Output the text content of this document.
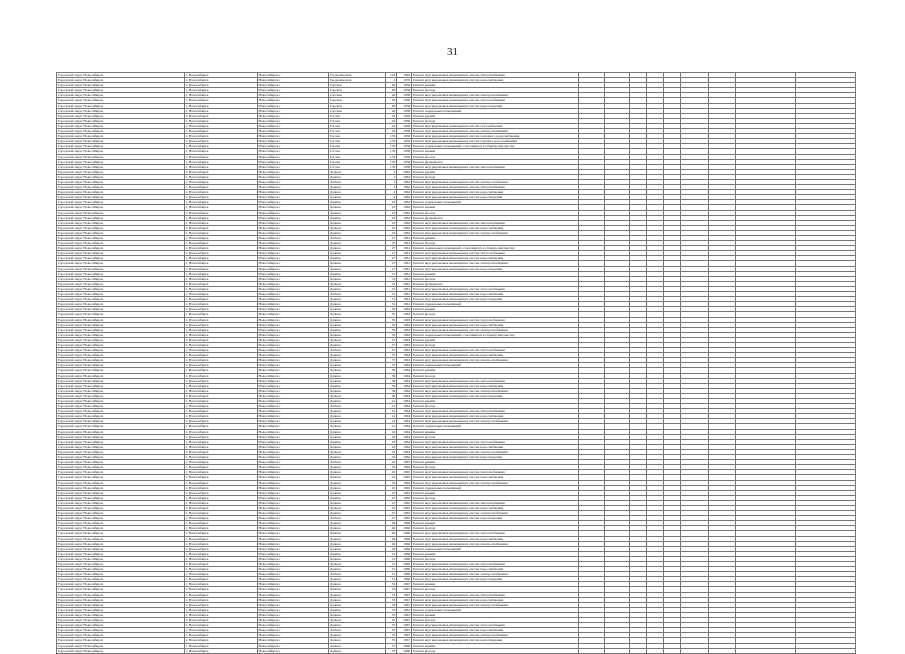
31
Городской округ Новосибирск	г. Новосибирск	Новосибирск г	Геодезическая	122	1994	Ремонт внутридомовых инженерных систем теплоснабжения									
Городской округ Новосибирск	г. Новосибирск	Новосибирск г	Геодезическая	4	1970	Ремонт внутридомовых инженерных систем водоснабжения									
Городской округ Новосибирск	г. Новосибирск	Новосибирск г	Горская	40	1958	Ремонт крыши									
Городской округ Новосибирск	г. Новосибирск	Новосибирск г	Горская	40	1958	Ремонт фасада									
Городской округ Новосибирск	г. Новосибирск	Новосибирск г	Горская	40	1958	Ремонт внутридомовых инженерных систем электроснабжения									
Городской округ Новосибирск	г. Новосибирск	Новосибирск г	Горская	40	1958	Ремонт внутридомовых инженерных систем теплоснабжения									
Городской округ Новосибирск	г. Новосибирск	Новосибирск г	Горская	40	1958	Ремонт внутридомовых инженерных систем водоотведения									
Городской округ Новосибирск	г. Новосибирск	Новосибирск г	Горская	40	1958	Ремонт подвальных помещений									
Городской округ Новосибирск	г. Новосибирск	Новосибирск г	Гоголя	42	1958	Ремонт крыши									
Городской округ Новосибирск	г. Новосибирск	Новосибирск г	Гоголя	42	1958	Ремонт фасада									
Городской округ Новосибирск	г. Новосибирск	Новосибирск г	Гоголя	42	1958	Ремонт внутридомовых инженерных систем газоснабжения									
Городской округ Новосибирск	г. Новосибирск	Новосибирск г	Гоголя	42	1958	Ремонт внутридомовых инженерных систем электроснабжения									
Городской округ Новосибирск	г. Новосибирск	Новосибирск г	Гоголя	176	1958	Ремонт внутридомовых инженерных систем холодного водоснабжения									
Городской округ Новосибирск	г. Новосибирск	Новосибирск г	Гоголя	176	1958	Ремонт внутридомовых инженерных систем горячего водоснабжения									
Городской округ Новосибирск	г. Новосибирск	Новосибирск г	Гоголя	176	1958	Ремонт подвальных помещений, относящихся к общему имуществу									
Городской округ Новосибирск	г. Новосибирск	Новосибирск г	Гоголя	176	1958	Ремонт крыши									
Городской округ Новосибирск	г. Новосибирск	Новосибирск г	Гоголя	176	1958	Ремонт фасада									
Городской округ Новосибирск	г. Новосибирск	Новосибирск г	Гоголя	176	1958	Ремонт фундамента									
Городской округ Новосибирск	г. Новосибирск	Новосибирск г	Гоголя	176	1958	Ремонт внутридомовых инженерных систем теплоснабжения									
Городской округ Новосибирск	г. Новосибирск	Новосибирск г	Дачная	2	1962	Ремонт крыши									
Городской округ Новосибирск	г. Новосибирск	Новосибирск г	Дачная	2	1962	Ремонт фасада									
Городской округ Новосибирск	г. Новосибирск	Новосибирск г	Дачная	2	1962	Ремонт внутридомовых инженерных систем электроснабжения									
Городской округ Новосибирск	г. Новосибирск	Новосибирск г	Дачная	2	1962	Ремонт внутридомовых инженерных систем теплоснабжения									
Городской округ Новосибирск	г. Новосибирск	Новосибирск г	Дачная	2	1962	Ремонт внутридомовых инженерных систем водоснабжения									
Городской округ Новосибирск	г. Новосибирск	Новосибирск г	Дачная	2	1962	Ремонт внутридомовых инженерных систем водоотведения									
Городской округ Новосибирск	г. Новосибирск	Новосибирск г	Дачная	23	1962	Ремонт подвальных помещений									
Городской округ Новосибирск	г. Новосибирск	Новосибирск г	Дачная	23	1962	Ремонт крыши									
Городской округ Новосибирск	г. Новосибирск	Новосибирск г	Дачная	23	1962	Ремонт фасада									
Городской округ Новосибирск	г. Новосибирск	Новосибирск г	Дачная	23	1962	Ремонт фундамента									
Городской округ Новосибирск	г. Новосибирск	Новосибирск г	Дачная	23	1962	Ремонт внутридомовых инженерных систем теплоснабжения									
Городской округ Новосибирск	г. Новосибирск	Новосибирск г	Дачная	23	1962	Ремонт внутридомовых инженерных систем водоснабжения									
Городской округ Новосибирск	г. Новосибирск	Новосибирск г	Дачная	23	1962	Ремонт внутридомовых инженерных систем электроснабжения									
Городской округ Новосибирск	г. Новосибирск	Новосибирск г	Дачная	27	1961	Ремонт крыши									
Городской округ Новосибирск	г. Новосибирск	Новосибирск г	Дачная	27	1961	Ремонт фасада									
Городской округ Новосибирск	г. Новосибирск	Новосибирск г	Дачная	27	1961	Ремонт подвальных помещений, относящихся к общему имуществу									
Городской округ Новосибирск	г. Новосибирск	Новосибирск г	Дачная	27	1961	Ремонт внутридомовых инженерных систем теплоснабжения									
Городской округ Новосибирск	г. Новосибирск	Новосибирск г	Дачная	27	1961	Ремонт внутридомовых инженерных систем водоснабжения									
Городской округ Новосибирск	г. Новосибирск	Новосибирск г	Дачная	27	1961	Ремонт внутридомовых инженерных систем электроснабжения									
Городской округ Новосибирск	г. Новосибирск	Новосибирск г	Дачная	27	1961	Ремонт внутридомовых инженерных систем водоотведения									
Городской округ Новосибирск	г. Новосибирск	Новосибирск г	Дачная	31	1961	Ремонт крыши									
Городской округ Новосибирск	г. Новосибирск	Новосибирск г	Дачная	31	1961	Ремонт фасада									
Городской округ Новосибирск	г. Новосибирск	Новосибирск г	Дачная	31	1961	Ремонт фундамента									
Городской округ Новосибирск	г. Новосибирск	Новосибирск г	Дачная	31	1961	Ремонт внутридомовых инженерных систем теплоснабжения									
Городской округ Новосибирск	г. Новосибирск	Новосибирск г	Дачная	31	1961	Ремонт внутридомовых инженерных систем водоснабжения									
Городской округ Новосибирск	г. Новосибирск	Новосибирск г	Дачная	31	1961	Ремонт внутридомовых инженерных систем водоотведения									
Городской округ Новосибирск	г. Новосибирск	Новосибирск г	Дачная	31	1961	Ремонт подвальных помещений									
Городской округ Новосибирск	г. Новосибирск	Новосибирск г	Дачная	35	1963	Ремонт крыши									
Городской округ Новосибирск	г. Новосибирск	Новосибирск г	Дачная	35	1963	Ремонт фасада									
Городской округ Новосибирск	г. Новосибирск	Новосибирск г	Дачная	35	1963	Ремонт внутридомовых инженерных систем теплоснабжения									
Городской округ Новосибирск	г. Новосибирск	Новосибирск г	Дачная	35	1963	Ремонт внутридомовых инженерных систем водоснабжения									
Городской округ Новосибирск	г. Новосибирск	Новосибирск г	Дачная	35	1963	Ремонт внутридомовых инженерных систем электроснабжения									
Городской округ Новосибирск	г. Новосибирск	Новосибирск г	Дачная	35	1963	Ремонт подвальных помещений, относящихся к общему имуществу									
Городской округ Новосибирск	г. Новосибирск	Новосибирск г	Дачная	37	1963	Ремонт крыши									
Городской округ Новосибирск	г. Новосибирск	Новосибирск г	Дачная	37	1963	Ремонт фасада									
Городской округ Новосибирск	г. Новосибирск	Новосибирск г	Дачная	37	1963	Ремонт внутридомовых инженерных систем теплоснабжения									
Городской округ Новосибирск	г. Новосибирск	Новосибирск г	Дачная	37	1963	Ремонт внутридомовых инженерных систем водоснабжения									
Городской округ Новосибирск	г. Новосибирск	Новосибирск г	Дачная	37	1963	Ремонт внутридомовых инженерных систем электроснабжения									
Городской округ Новосибирск	г. Новосибирск	Новосибирск г	Дачная	37	1963	Ремонт подвальных помещений									
Городской округ Новосибирск	г. Новосибирск	Новосибирск г	Дачная	39	1964	Ремонт крыши									
Городской округ Новосибирск	г. Новосибирск	Новосибирск г	Дачная	39	1964	Ремонт фасада									
Городской округ Новосибирск	г. Новосибирск	Новосибирск г	Дачная	39	1964	Ремонт внутридомовых инженерных систем теплоснабжения									
Городской округ Новосибирск	г. Новосибирск	Новосибирск г	Дачная	39	1964	Ремонт внутридомовых инженерных систем водоснабжения									
Городской округ Новосибирск	г. Новосибирск	Новосибирск г	Дачная	39	1964	Ремонт внутридомовых инженерных систем электроснабжения									
Городской округ Новосибирск	г. Новосибирск	Новосибирск г	Дачная	39	1964	Ремонт внутридомовых инженерных систем водоотведения									
Городской округ Новосибирск	г. Новосибирск	Новосибирск г	Дачная	41	1964	Ремонт крыши									
Городской округ Новосибирск	г. Новосибирск	Новосибирск г	Дачная	41	1964	Ремонт фасада									
Городской округ Новосибирск	г. Новосибирск	Новосибирск г	Дачная	41	1964	Ремонт внутридомовых инженерных систем теплоснабжения									
Городской округ Новосибирск	г. Новосибирск	Новосибирск г	Дачная	41	1964	Ремонт внутридомовых инженерных систем водоснабжения									
Городской округ Новосибирск	г. Новосибирск	Новосибирск г	Дачная	41	1964	Ремонт внутридомовых инженерных систем электроснабжения									
Городской округ Новосибирск	г. Новосибирск	Новосибирск г	Дачная	41	1964	Ремонт подвальных помещений									
Городской округ Новосибирск	г. Новосибирск	Новосибирск г	Дачная	43	1964	Ремонт крыши									
Городской округ Новосибирск	г. Новосибирск	Новосибирск г	Дачная	43	1964	Ремонт фасада									
Городской округ Новосибирск	г. Новосибирск	Новосибирск г	Дачная	43	1964	Ремонт внутридомовых инженерных систем теплоснабжения									
Городской округ Новосибирск	г. Новосибирск	Новосибирск г	Дачная	43	1964	Ремонт внутридомовых инженерных систем водоснабжения									
Городской округ Новосибирск	г. Новосибирск	Новосибирск г	Дачная	43	1964	Ремонт внутридомовых инженерных систем электроснабжения									
Городской округ Новосибирск	г. Новосибирск	Новосибирск г	Дачная	43	1964	Ремонт внутридомовых инженерных систем водоотведения									
Городской округ Новосибирск	г. Новосибирск	Новосибирск г	Дачная	45	1965	Ремонт крыши									
Городской округ Новосибирск	г. Новосибирск	Новосибирск г	Дачная	45	1965	Ремонт фасада									
Городской округ Новосибирск	г. Новосибирск	Новосибирск г	Дачная	45	1965	Ремонт внутридомовых инженерных систем теплоснабжения									
Городской округ Новосибирск	г. Новосибирск	Новосибирск г	Дачная	45	1965	Ремонт внутридомовых инженерных систем водоснабжения									
Городской округ Новосибирск	г. Новосибирск	Новосибирск г	Дачная	45	1965	Ремонт внутридомовых инженерных систем электроснабжения									
Городской округ Новосибирск	г. Новосибирск	Новосибирск г	Дачная	45	1965	Ремонт подвальных помещений									
Городской округ Новосибирск	г. Новосибирск	Новосибирск г	Дачная	47	1965	Ремонт крыши									
Городской округ Новосибирск	г. Новосибирск	Новосибирск г	Дачная	47	1965	Ремонт фасада									
Городской округ Новосибирск	г. Новосибирск	Новосибирск г	Дачная	47	1965	Ремонт внутридомовых инженерных систем теплоснабжения									
Городской округ Новосибирск	г. Новосибирск	Новосибирск г	Дачная	47	1965	Ремонт внутридомовых инженерных систем водоснабжения									
Городской округ Новосибирск	г. Новосибирск	Новосибирск г	Дачная	47	1965	Ремонт внутридомовых инженерных систем электроснабжения									
Городской округ Новосибирск	г. Новосибирск	Новосибирск г	Дачная	47	1965	Ремонт внутридомовых инженерных систем водоотведения									
Городской округ Новосибирск	г. Новосибирск	Новосибирск г	Дачная	49	1966	Ремонт крыши									
Городской округ Новосибирск	г. Новосибирск	Новосибирск г	Дачная	49	1966	Ремонт фасада									
Городской округ Новосибирск	г. Новосибирск	Новосибирск г	Дачная	49	1966	Ремонт внутридомовых инженерных систем теплоснабжения									
Городской округ Новосибирск	г. Новосибирск	Новосибирск г	Дачная	49	1966	Ремонт внутридомовых инженерных систем водоснабжения									
Городской округ Новосибирск	г. Новосибирск	Новосибирск г	Дачная	49	1966	Ремонт внутридомовых инженерных систем электроснабжения									
Городской округ Новосибирск	г. Новосибирск	Новосибирск г	Дачная	49	1966	Ремонт подвальных помещений									
Городской округ Новосибирск	г. Новосибирск	Новосибирск г	Дачная	51	1966	Ремонт крыши									
Городской округ Новосибирск	г. Новосибирск	Новосибирск г	Дачная	51	1966	Ремонт фасада									
Городской округ Новосибирск	г. Новосибирск	Новосибирск г	Дачная	51	1966	Ремонт внутридомовых инженерных систем теплоснабжения									
Городской округ Новосибирск	г. Новосибирск	Новосибирск г	Дачная	51	1966	Ремонт внутридомовых инженерных систем водоснабжения									
Городской округ Новосибирск	г. Новосибирск	Новосибирск г	Дачная	51	1966	Ремонт внутридомовых инженерных систем электроснабжения									
Городской округ Новосибирск	г. Новосибирск	Новосибирск г	Дачная	51	1966	Ремонт внутридомовых инженерных систем водоотведения									
Городской округ Новосибирск	г. Новосибирск	Новосибирск г	Дачная	53	1967	Ремонт крыши									
Городской округ Новосибирск	г. Новосибирск	Новосибирск г	Дачная	53	1967	Ремонт фасада									
Городской округ Новосибирск	г. Новосибирск	Новосибирск г	Дачная	53	1967	Ремонт внутридомовых инженерных систем теплоснабжения									
Городской округ Новосибирск	г. Новосибирск	Новосибирск г	Дачная	53	1967	Ремонт внутридомовых инженерных систем водоснабжения									
Городской округ Новосибирск	г. Новосибирск	Новосибирск г	Дачная	53	1967	Ремонт внутридомовых инженерных систем электроснабжения									
Городской округ Новосибирск	г. Новосибирск	Новосибирск г	Дачная	53	1967	Ремонт подвальных помещений									
Городской округ Новосибирск	г. Новосибирск	Новосибирск г	Дачная	55	1967	Ремонт крыши									
Городской округ Новосибирск	г. Новосибирск	Новосибирск г	Дачная	55	1967	Ремонт фасада									
Городской округ Новосибирск	г. Новосибирск	Новосибирск г	Дачная	55	1967	Ремонт внутридомовых инженерных систем теплоснабжения									
Городской округ Новосибирск	г. Новосибирск	Новосибирск г	Дачная	55	1967	Ремонт внутридомовых инженерных систем водоснабжения									
Городской округ Новосибирск	г. Новосибирск	Новосибирск г	Дачная	55	1967	Ремонт внутридомовых инженерных систем электроснабжения									
Городской округ Новосибирск	г. Новосибирск	Новосибирск г	Дачная	55	1967	Ремонт внутридомовых инженерных систем водоотведения									
Городской округ Новосибирск	г. Новосибирск	Новосибирск г	Дачная	57	1968	Ремонт крыши									
Городской округ Новосибирск	г. Новосибирск	Новосибирск г	Дачная	57	1968	Ремонт фасада									
